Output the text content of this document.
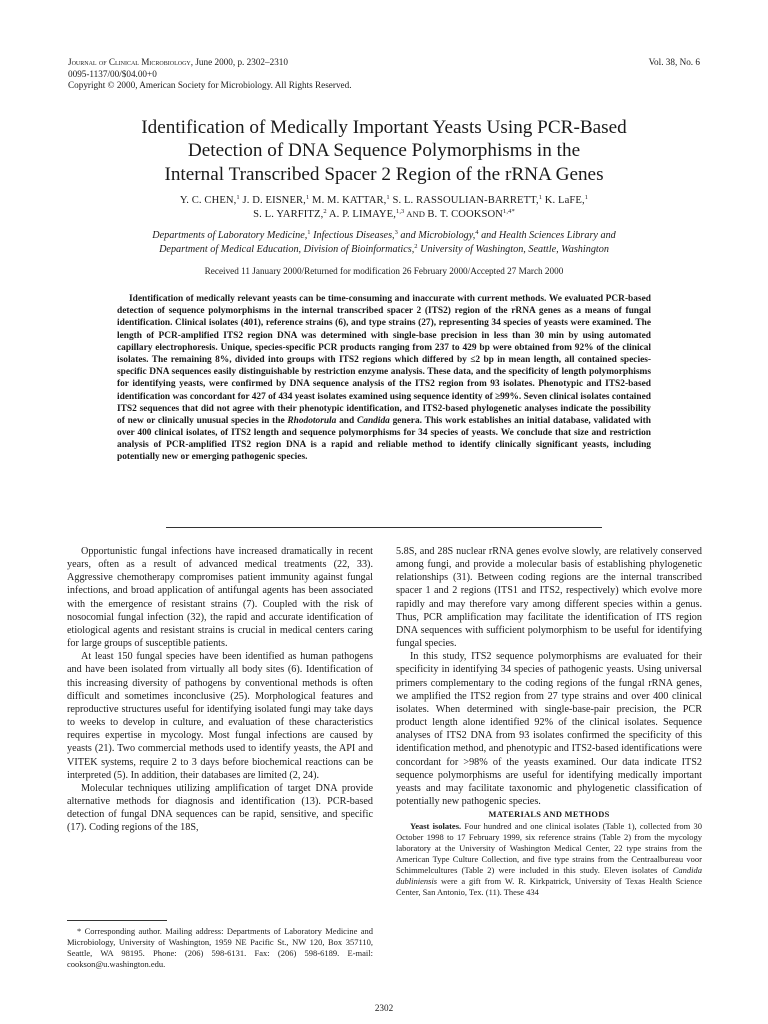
Journal of Clinical Microbiology, June 2000, p. 2302–2310
0095-1137/00/$04.00+0
Copyright © 2000, American Society for Microbiology. All Rights Reserved.
Vol. 38, No. 6
Identification of Medically Important Yeasts Using PCR-Based
Detection of DNA Sequence Polymorphisms in the
Internal Transcribed Spacer 2 Region of the rRNA Genes
Y. C. CHEN,$^1$ J. D. EISNER,$^1$ M. M. KATTAR,$^1$ S. L. RASSOULIAN-BARRETT,$^1$ K. LaFE,$^1$
S. L. YARFITZ,$^2$ A. P. LIMAYE,$^{1,3}$ AND B. T. $COOKSON^{1,4*}$
Departments of Laboratory Medicine,$^1$ Infectious Diseases,$^3$ and Microbiology,$^4$ and Health Sciences Library and
Department of Medical Education, Division of Bioinformatics,$^2$ University of Washington, Seattle, Washington
Received 11 January 2000/Returned for modification 26 February 2000/Accepted 27 March 2000
Identification of medically relevant yeasts can be time-consuming and inaccurate with current methods. We evaluated PCR-based detection of sequence polymorphisms in the internal transcribed spacer 2 (ITS2) region of the rRNA genes as a means of fungal identification. Clinical isolates (401), reference strains (6), and type strains (27), representing 34 species of yeasts were examined. The length of PCR-amplified ITS2 region DNA was determined with single-base precision in less than 30 min by using automated capillary electrophoresis. Unique, species-specific PCR products ranging from 237 to 429 bp were obtained from 92% of the clinical isolates. The remaining 8%, divided into groups with ITS2 regions which differed by ≤2 bp in mean length, all contained species-specific DNA sequences easily distinguishable by restriction enzyme analysis. These data, and the specificity of length polymorphisms for identifying yeasts, were confirmed by DNA sequence analysis of the ITS2 region from 93 isolates. Phenotypic and ITS2-based identification was concordant for 427 of 434 yeast isolates examined using sequence identity of ≥99%. Seven clinical isolates contained ITS2 sequences that did not agree with their phenotypic identification, and ITS2-based phylogenetic analyses indicate the possibility of new or clinically unusual species in the Rhodotorula and Candida genera. This work establishes an initial database, validated with over 400 clinical isolates, of ITS2 length and sequence polymorphisms for 34 species of yeasts. We conclude that size and restriction analysis of PCR-amplified ITS2 region DNA is a rapid and reliable method to identify clinically significant yeasts, including potentially new or emerging pathogenic species.

Opportunistic fungal infections have increased dramatically in recent years, often as a result of advanced medical treatments (22, 33). Aggressive chemotherapy compromises patient immunity against fungal infections, and broad application of antifungal agents has been associated with the emergence of resistant strains (7). Coupled with the risk of nosocomial fungal infection (32), the rapid and accurate identification of etiological agents and resistant strains is crucial in medical centers caring for large groups of susceptible patients.

At least 150 fungal species have been identified as human pathogens and have been isolated from virtually all body sites (6). Identification of this increasing diversity of pathogens by conventional methods is often difficult and sometimes inconclusive (25). Morphological features and reproductive structures useful for identifying isolated fungi may take days to weeks to develop in culture, and evaluation of these characteristics requires expertise in mycology. Most fungal infections are caused by yeasts (21). Two commercial methods used to identify yeasts, the API and VITEK systems, require 2 to 3 days before biochemical reactions can be interpreted (5). In addition, their databases are limited (2, 24).

Molecular techniques utilizing amplification of target DNA provide alternative methods for diagnosis and identification (13). PCR-based detection of fungal DNA sequences can be rapid, sensitive, and specific (17). Coding regions of the 18S,

5.8S, and 28S nuclear rRNA genes evolve slowly, are relatively conserved among fungi, and provide a molecular basis of establishing phylogenetic relationships (31). Between coding regions are the internal transcribed spacer 1 and 2 regions (ITS1 and ITS2, respectively) which evolve more rapidly and may therefore vary among different species within a genus. Thus, PCR amplification may facilitate the identification of ITS region DNA sequences with sufficient polymorphism to be useful for identifying fungal species.

In this study, ITS2 sequence polymorphisms are evaluated for their specificity in identifying 34 species of pathogenic yeasts. Using universal primers complementary to the coding regions of the fungal rRNA genes, we amplified the ITS2 region from 27 type strains and over 400 clinical isolates. When determined with single-base-pair precision, the PCR product length alone identified 92% of the clinical isolates. Sequence analyses of ITS2 DNA from 93 isolates confirmed the specificity of this identification method, and phenotypic and ITS2-based identifications were concordant for >98% of the yeasts examined. Our data indicate ITS2 sequence polymorphisms are useful for identifying medically important yeasts and may facilitate taxonomic and phylogenetic classification of potentially new pathogenic species.

MATERIALS AND METHODS

Yeast isolates. Four hundred and one clinical isolates (Table 1), collected from 30 October 1998 to 17 February 1999, six reference strains (Table 2) from the mycology laboratory at the University of Washington Medical Center, 22 type strains from the American Type Culture Collection, and five type strains from the Centraalbureau voor Schimmelcultures (Table 2) were included in this study. Eleven isolates of Candida dubliniensis were a gift from W. R. Kirkpatrick, University of Texas Health Science Center, San Antonio, Tex. (11). These 434

* Corresponding author. Mailing address: Departments of Laboratory Medicine and Microbiology, University of Washington, 1959 NE Pacific St., NW 120, Box 357110, Seattle, WA 98195. Phone: (206) 598-6131. Fax: (206) 598-6189. E-mail: cookson@u.washington.edu.
2302
